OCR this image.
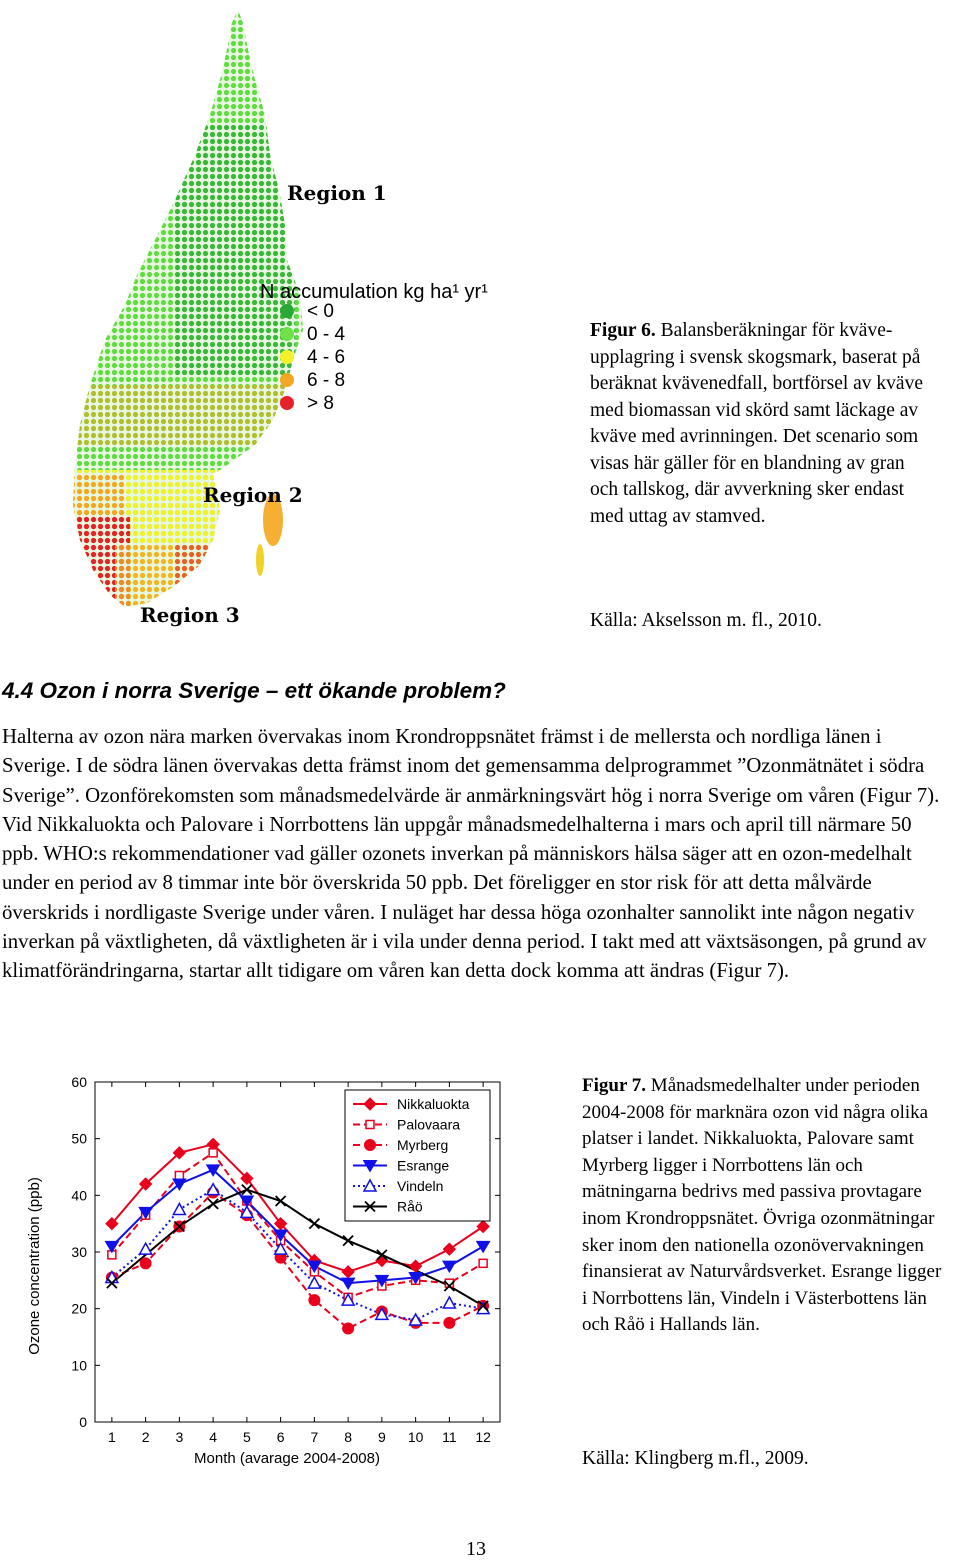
Region 1
Region 2
Region 3
N accumulation kg ha¹ yr¹
< 0
0 - 4
4 - 6
6 - 8
> 8
Figur 6. Balansberäkningar för kväve-upplagring i svensk skogsmark, baserat på beräknat kvävenedfall, bortförsel av kväve med biomassan vid skörd samt läckage av kväve med avrinningen. Det scenario som visas här gäller för en blandning av gran och tallskog, där avverkning sker endast med uttag av stamved.
Källa: Akselsson m. fl., 2010.
4.4 Ozon i norra Sverige – ett ökande problem?

Halterna av ozon nära marken övervakas inom Krondroppsnätet främst i de mellersta och nordliga länen i Sverige. I de södra länen övervakas detta främst inom det gemensamma delprogrammet ”Ozonmätnätet i södra Sverige”. Ozonförekomsten som månadsmedelvärde är anmärkningsvärt hög i norra Sverige om våren (Figur 7). Vid Nikkaluokta och Palovare i Norrbottens län uppgår månadsmedelhalterna i mars och april till närmare 50 ppb. WHO:s rekommendationer vad gäller ozonets inverkan på människors hälsa säger att en ozon-medelhalt under en period av 8 timmar inte bör överskrida 50 ppb. Det föreligger en stor risk för att detta målvärde överskrids i nordligaste Sverige under våren. I nuläget har dessa höga ozonhalter sannolikt inte någon negativ inverkan på växtligheten, då växtligheten är i vila under denna period. I takt med att växtsäsongen, på grund av klimatförändringarna, startar allt tidigare om våren kan detta dock komma att ändras (Figur 7).

0
10
20
30
40
50
60
1 2 3 4 5 6 7 8 9 10 11 12
Nikkaluokta
Palovaara
Myrberg
Esrange
Vindeln
Råö
Month (avarage 2004-2008)
Ozone concentration (ppb)
Figur 7. Månadsmedelhalter under perioden 2004-2008 för marknära ozon vid några olika platser i landet. Nikkaluokta, Palovare samt Myrberg ligger i Norrbottens län och mätningarna bedrivs med passiva provtagare inom Krondroppsnätet. Övriga ozonmätningar sker inom den nationella ozonövervakningen finansierat av Naturvårdsverket. Esrange ligger i Norrbottens län, Vindeln i Västerbottens län och Råö i Hallands län.
Källa: Klingberg m.fl., 2009.
13
